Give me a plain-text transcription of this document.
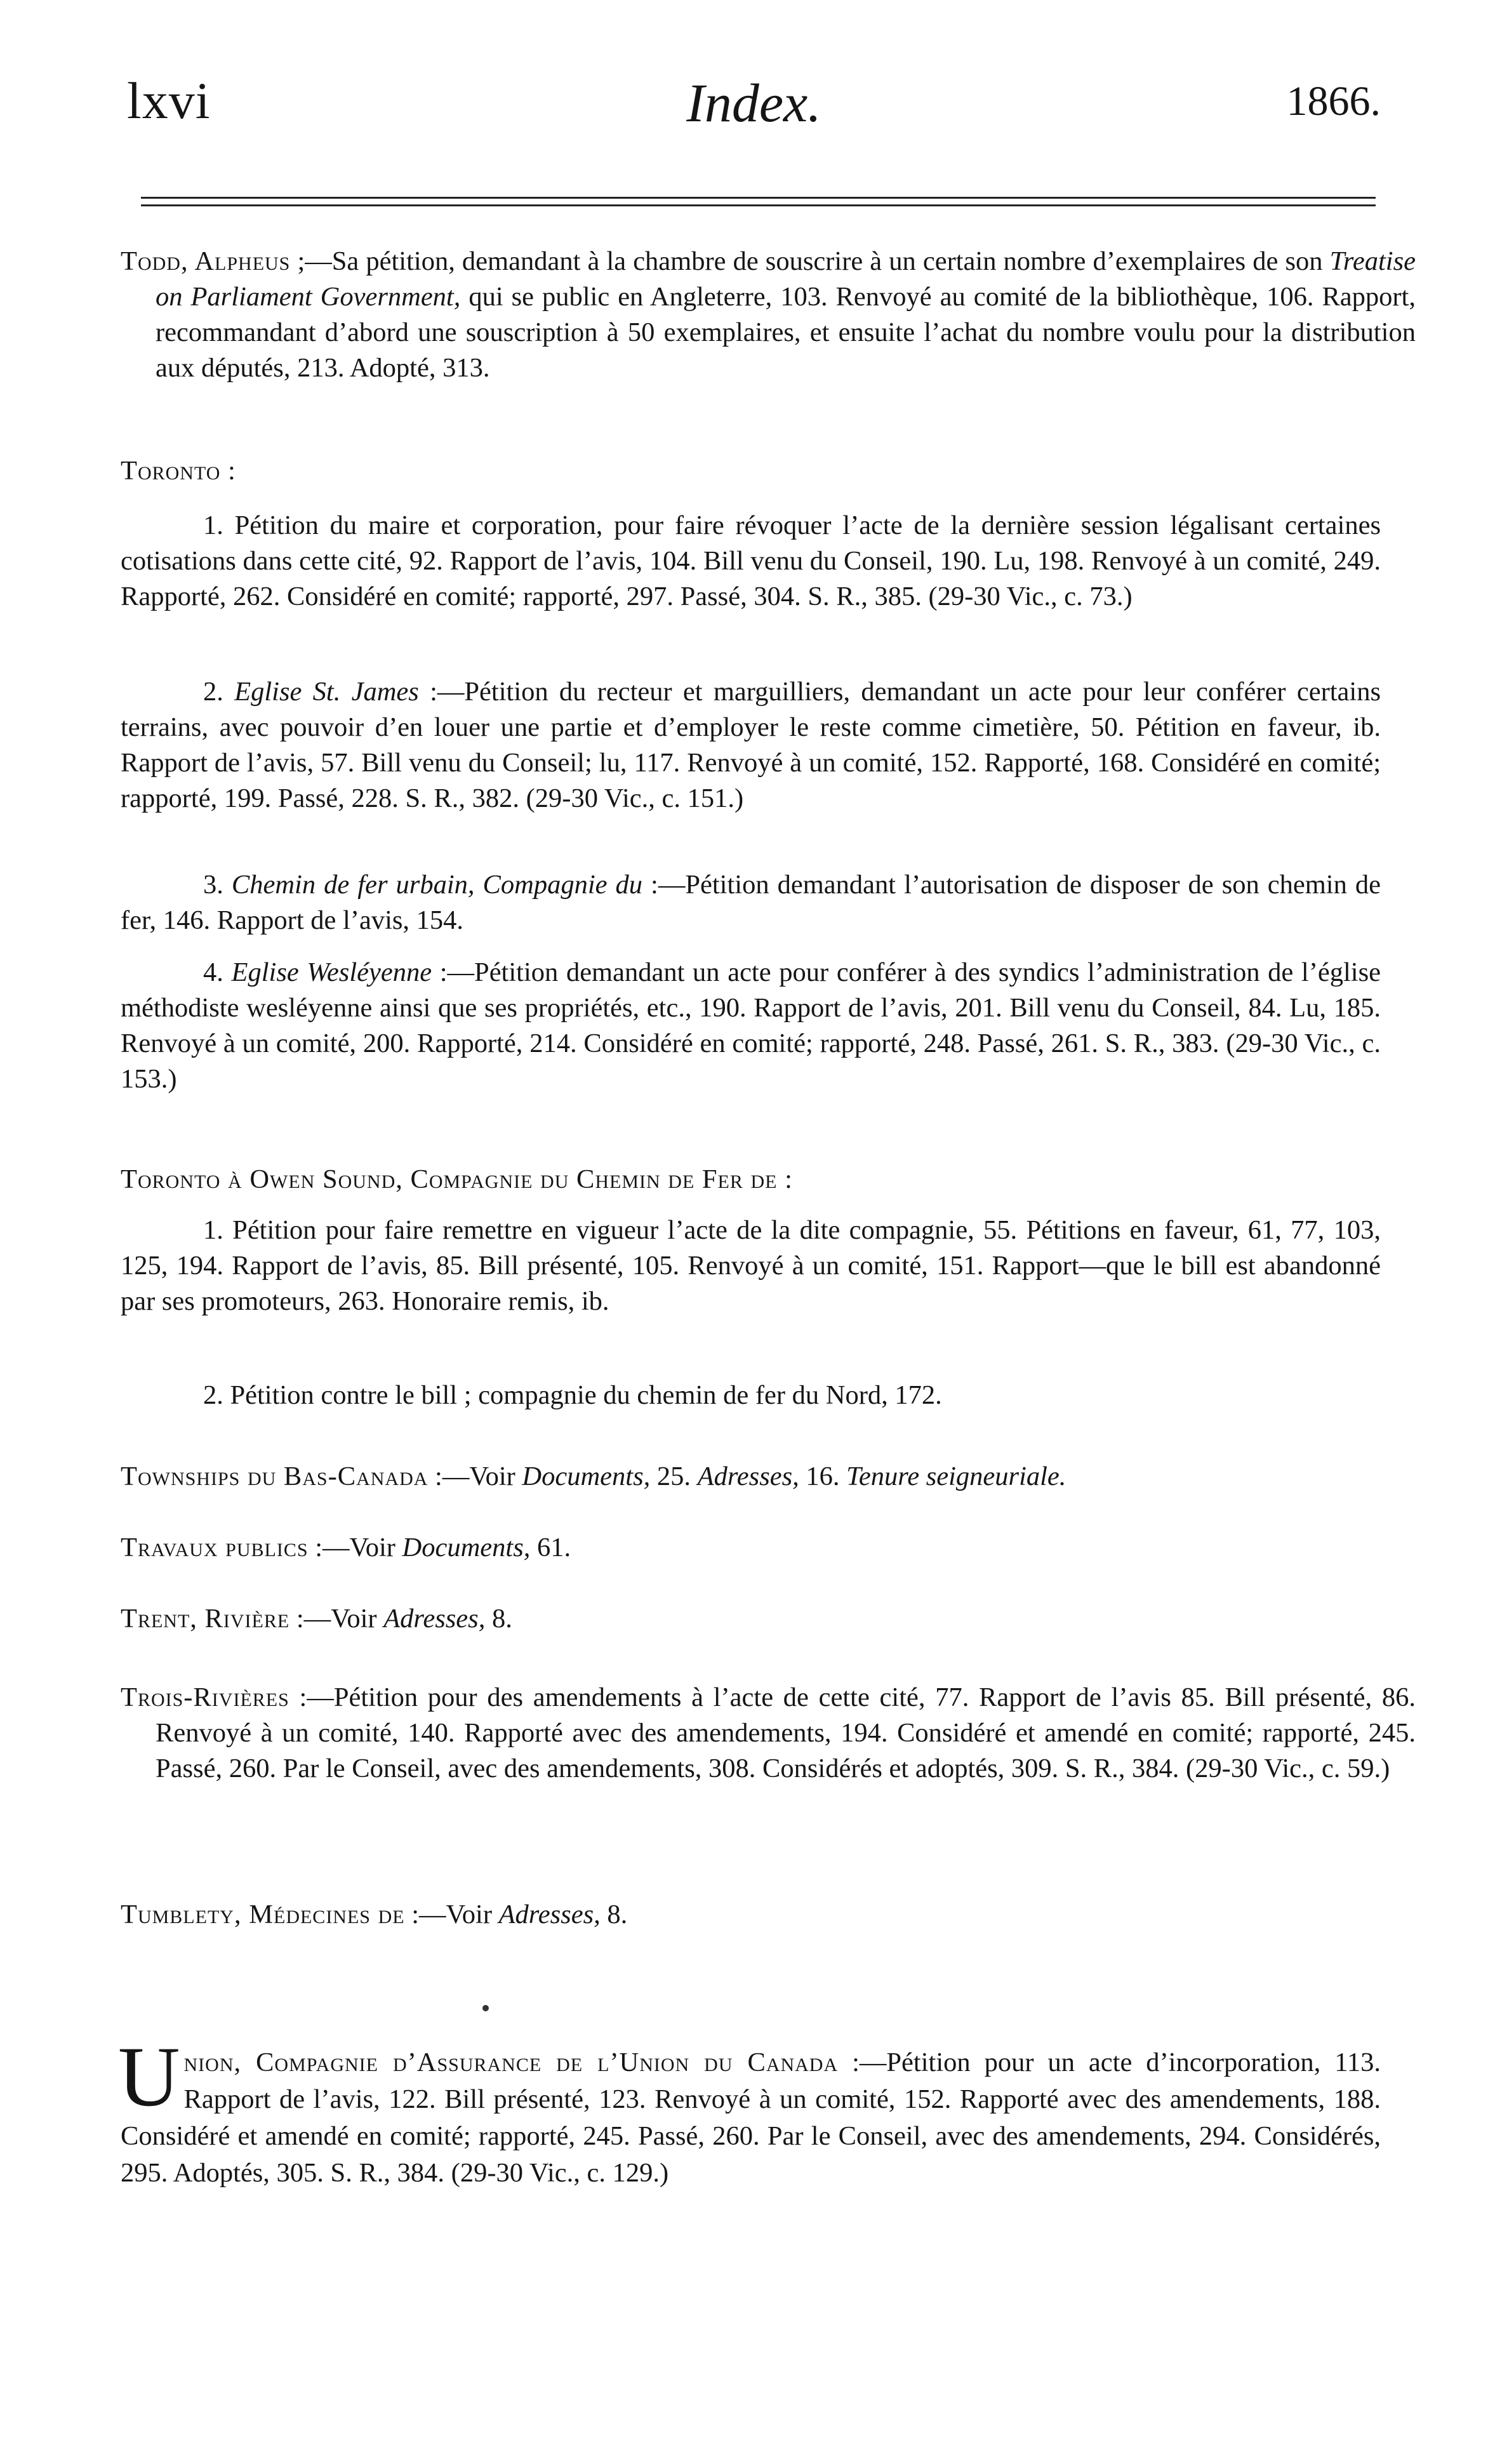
lxvi	Index.	1866.
Todd, Alpheus ;—Sa pétition, demandant à la chambre de souscrire à un certain nombre d’exemplaires de son Treatise on Parliament Government, qui se public en Angleterre, 103. Renvoyé au comité de la bibliothèque, 106. Rapport, recommandant d’abord une souscription à 50 exemplaires, et ensuite l’achat du nombre voulu pour la distribution aux députés, 213. Adopté, 313.
Toronto :
1. Pétition du maire et corporation, pour faire révoquer l’acte de la dernière session légalisant certaines cotisations dans cette cité, 92. Rapport de l’avis, 104. Bill venu du Conseil, 190. Lu, 198. Renvoyé à un comité, 249. Rapporté, 262. Considéré en comité; rapporté, 297. Passé, 304. S. R., 385. (29-30 Vic., c. 73.)
2. Eglise St. James :—Pétition du recteur et marguilliers, demandant un acte pour leur conférer certains terrains, avec pouvoir d’en louer une partie et d’employer le reste comme cimetière, 50. Pétition en faveur, ib. Rapport de l’avis, 57. Bill venu du Conseil; lu, 117. Renvoyé à un comité, 152. Rapporté, 168. Considéré en comité; rapporté, 199. Passé, 228. S. R., 382. (29-30 Vic., c. 151.)
3. Chemin de fer urbain, Compagnie du :—Pétition demandant l’autorisation de disposer de son chemin de fer, 146. Rapport de l’avis, 154.
4. Eglise Wesléyenne :—Pétition demandant un acte pour conférer à des syndics l’administration de l’église méthodiste wesléyenne ainsi que ses propriétés, etc., 190. Rapport de l’avis, 201. Bill venu du Conseil, 84. Lu, 185. Renvoyé à un comité, 200. Rapporté, 214. Considéré en comité; rapporté, 248. Passé, 261. S. R., 383. (29-30 Vic., c. 153.)
Toronto à Owen Sound, Compagnie du Chemin de Fer de :
1. Pétition pour faire remettre en vigueur l’acte de la dite compagnie, 55. Pétitions en faveur, 61, 77, 103, 125, 194. Rapport de l’avis, 85. Bill présenté, 105. Renvoyé à un comité, 151. Rapport—que le bill est abandonné par ses promoteurs, 263. Honoraire remis, ib.
2. Pétition contre le bill ; compagnie du chemin de fer du Nord, 172.
Townships du Bas-Canada :—Voir Documents, 25. Adresses, 16. Tenure seigneuriale.
Travaux publics :—Voir Documents, 61.
Trent, Rivière :—Voir Adresses, 8.
Trois-Rivières :—Pétition pour des amendements à l’acte de cette cité, 77. Rapport de l’avis 85. Bill présenté, 86. Renvoyé à un comité, 140. Rapporté avec des amendements, 194. Considéré et amendé en comité; rapporté, 245. Passé, 260. Par le Conseil, avec des amendements, 308. Considérés et adoptés, 309. S. R., 384. (29-30 Vic., c. 59.)
Tumblety, Médecines de :—Voir Adresses, 8.
Union, Compagnie d’Assurance de l’Union du Canada :—Pétition pour un acte d’incorporation, 113. Rapport de l’avis, 122. Bill présenté, 123. Renvoyé à un comité, 152. Rapporté avec des amendements, 188. Considéré et amendé en comité; rapporté, 245. Passé, 260. Par le Conseil, avec des amendements, 294. Considérés, 295. Adoptés, 305. S. R., 384. (29-30 Vic., c. 129.)
